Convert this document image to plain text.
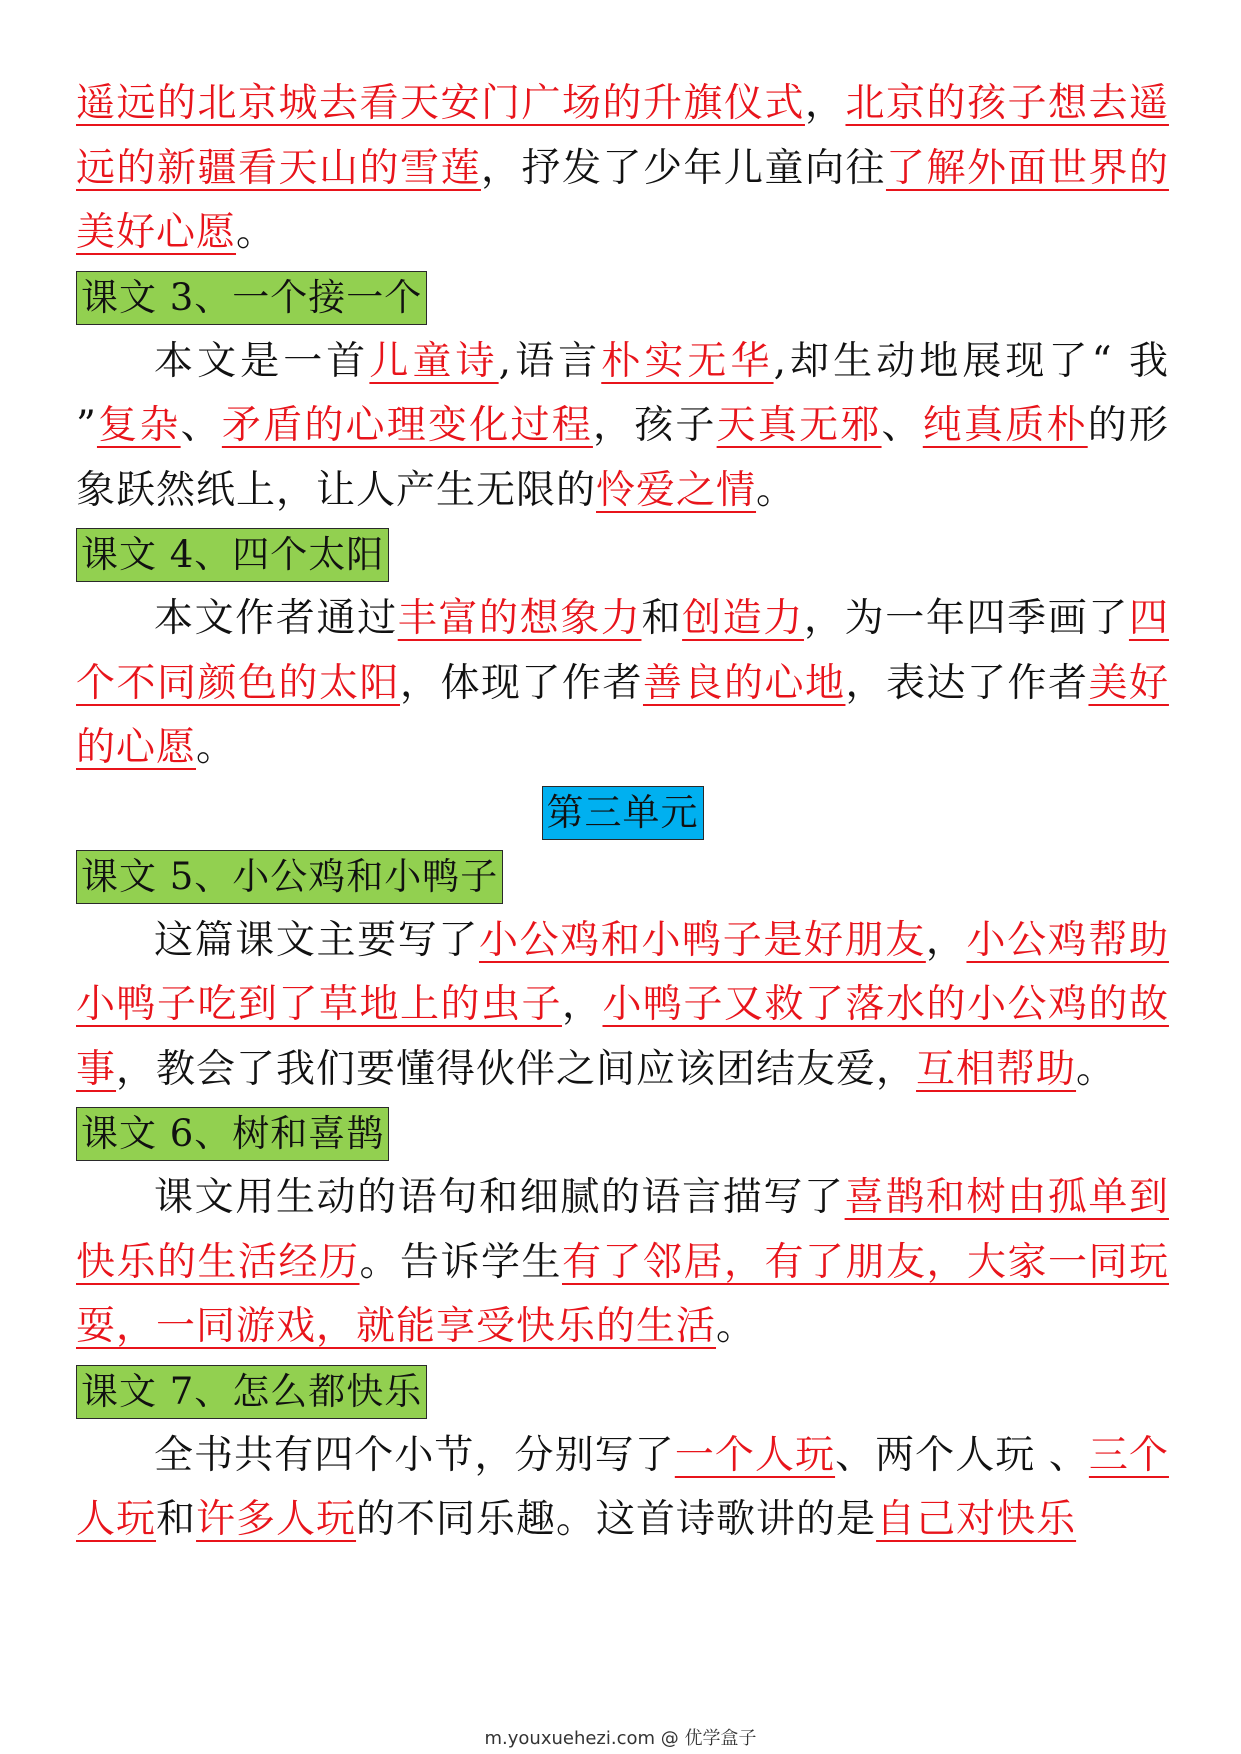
遥远的北京城去看天安门广场的升旗仪式，北京的孩子想去遥远的新疆看天山的雪莲，抒发了少年儿童向往了解外面世界的美好心愿。

课文 3、一个接一个

本文是一首儿童诗,语言朴实无华,却生动地展现了“ 我 ”复杂、矛盾的心理变化过程，孩子天真无邪、纯真质朴的形象跃然纸上，让人产生无限的怜爱之情。

课文 4、四个太阳

本文作者通过丰富的想象力和创造力，为一年四季画了四个不同颜色的太阳，体现了作者善良的心地，表达了作者美好的心愿。

第三单元
课文 5、小公鸡和小鸭子

这篇课文主要写了小公鸡和小鸭子是好朋友，小公鸡帮助小鸭子吃到了草地上的虫子，小鸭子又救了落水的小公鸡的故事，教会了我们要懂得伙伴之间应该团结友爱，互相帮助。

课文 6、树和喜鹊

课文用生动的语句和细腻的语言描写了喜鹊和树由孤单到快乐的生活经历。告诉学生有了邻居，有了朋友，大家一同玩耍，一同游戏，就能享受快乐的生活。

课文 7、怎么都快乐

全书共有四个小节，分别写了一个人玩、两个人玩 、三个人玩和许多人玩的不同乐趣。这首诗歌讲的是自己对快乐

m.youxuehezi.com @ 优学盒子
